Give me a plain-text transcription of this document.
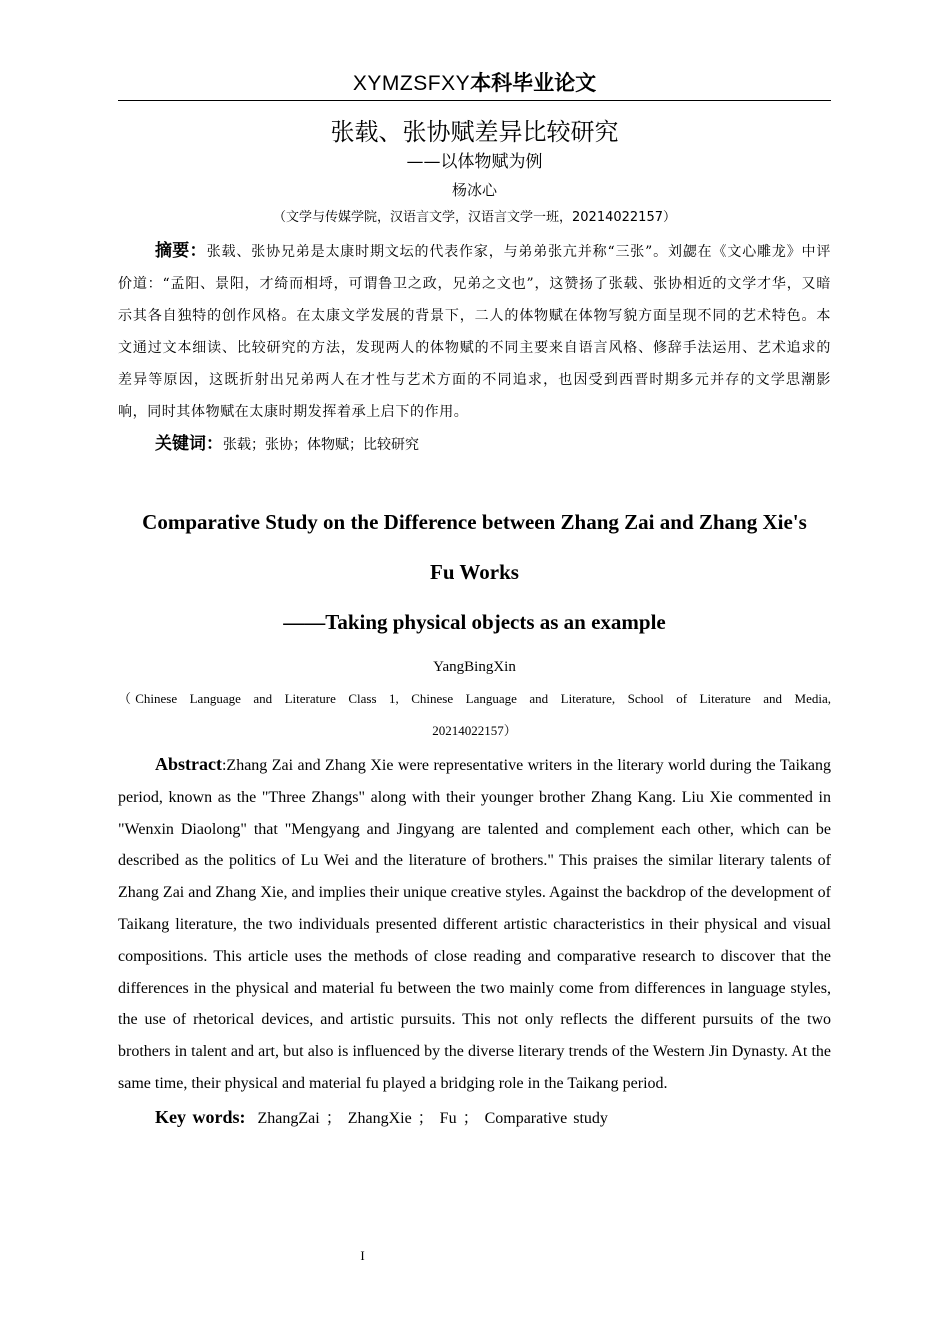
XYMZSFXY本科毕业论文
张载、张协赋差异比较研究
——以体物赋为例
杨冰心
（文学与传媒学院，汉语言文学，汉语言文学一班，20214022157）
摘要：张载、张协兄弟是太康时期文坛的代表作家，与弟弟张亢并称“三张”。刘勰在《文心雕龙》中评价道：“孟阳、景阳，才绮而相埒，可谓鲁卫之政，兄弟之文也”，这赞扬了张载、张协相近的文学才华，又暗示其各自独特的创作风格。在太康文学发展的背景下，二人的体物赋在体物写貌方面呈现不同的艺术特色。本文通过文本细读、比较研究的方法，发现两人的体物赋的不同主要来自语言风格、修辞手法运用、艺术追求的差异等原因，这既折射出兄弟两人在才性与艺术方面的不同追求，也因受到西晋时期多元并存的文学思潮影响，同时其体物赋在太康时期发挥着承上启下的作用。
关键词：张载；张协；体物赋；比较研究
Comparative Study on the Difference between Zhang Zai and Zhang Xie's Fu Works
——Taking physical objects as an example
YangBingXin
（Chinese Language and Literature Class 1, Chinese Language and Literature, School of Literature and Media, 20214022157）
Abstract:Zhang Zai and Zhang Xie were representative writers in the literary world during the Taikang period, known as the "Three Zhangs" along with their younger brother Zhang Kang. Liu Xie commented in "Wenxin Diaolong" that "Mengyang and Jingyang are talented and complement each other, which can be described as the politics of Lu Wei and the literature of brothers." This praises the similar literary talents of Zhang Zai and Zhang Xie, and implies their unique creative styles. Against the backdrop of the development of Taikang literature, the two individuals presented different artistic characteristics in their physical and visual compositions. This article uses the methods of close reading and comparative research to discover that the differences in the physical and material fu between the two mainly come from differences in language styles, the use of rhetorical devices, and artistic pursuits. This not only reflects the different pursuits of the two brothers in talent and art, but also is influenced by the diverse literary trends of the Western Jin Dynasty. At the same time, their physical and material fu played a bridging role in the Taikang period.
Key words: ZhangZai ； ZhangXie ； Fu ； Comparative study
I
